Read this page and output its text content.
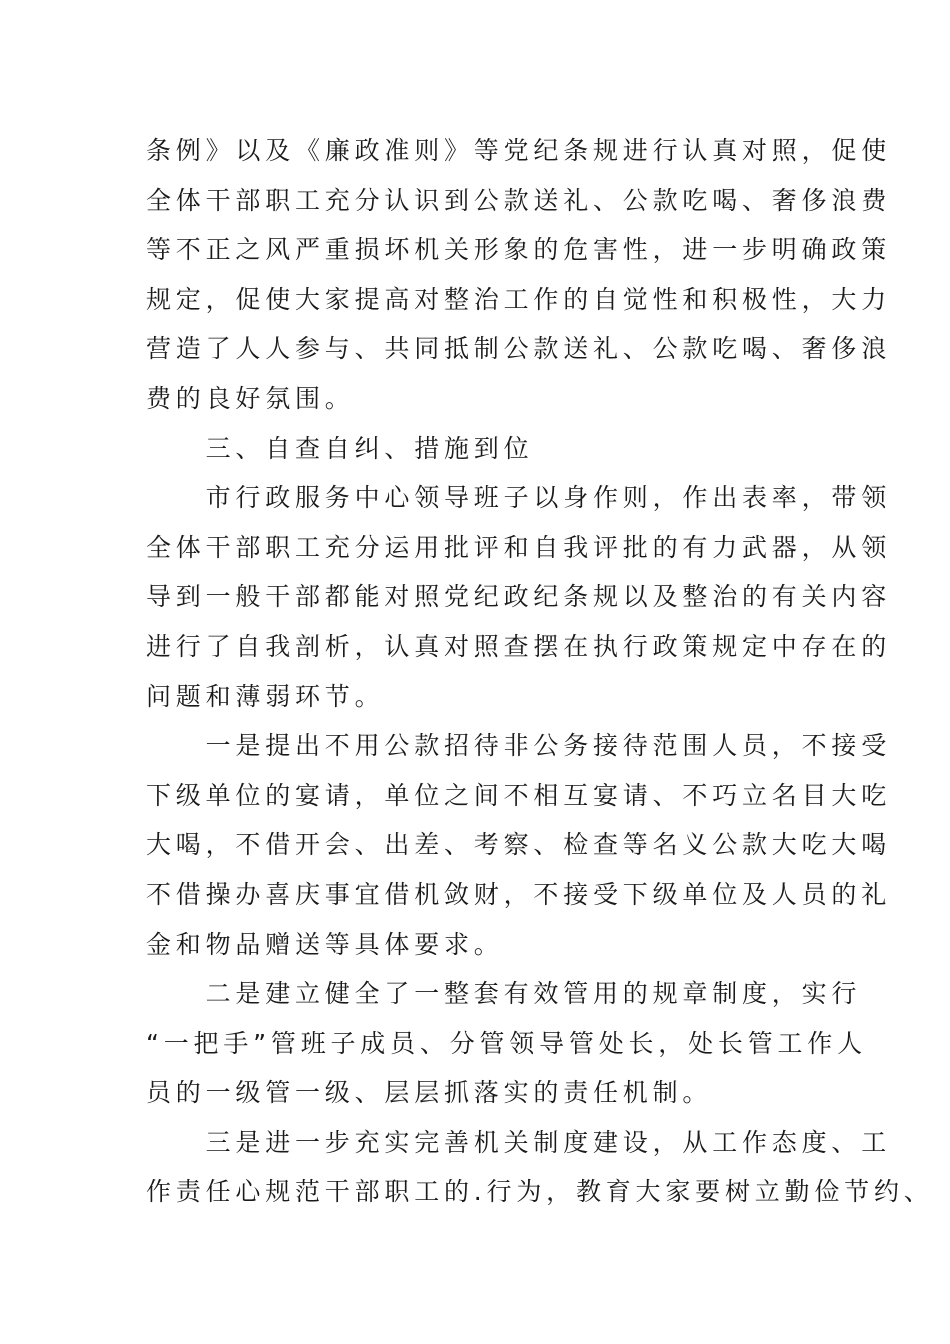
条例》以及《廉政准则》等党纪条规进行认真对照，促使

全体干部职工充分认识到公款送礼、公款吃喝、奢侈浪费

等不正之风严重损坏机关形象的危害性，进一步明确政策

规定，促使大家提高对整治工作的自觉性和积极性，大力

营造了人人参与、共同抵制公款送礼、公款吃喝、奢侈浪

费的良好氛围。

　　三、自查自纠、措施到位

　　市行政服务中心领导班子以身作则，作出表率，带领

全体干部职工充分运用批评和自我评批的有力武器，从领

导到一般干部都能对照党纪政纪条规以及整治的有关内容

进行了自我剖析，认真对照查摆在执行政策规定中存在的

问题和薄弱环节。

　　一是提出不用公款招待非公务接待范围人员，不接受

下级单位的宴请，单位之间不相互宴请、不巧立名目大吃

大喝，不借开会、出差、考察、检查等名义公款大吃大喝

不借操办喜庆事宜借机敛财，不接受下级单位及人员的礼

金和物品赠送等具体要求。

　　二是建立健全了一整套有效管用的规章制度，实行

“一把手”管班子成员、分管领导管处长，处长管工作人

员的一级管一级、层层抓落实的责任机制。

　　三是进一步充实完善机关制度建设，从工作态度、工

作责任心规范干部职工的.行为，教育大家要树立勤俭节约、
